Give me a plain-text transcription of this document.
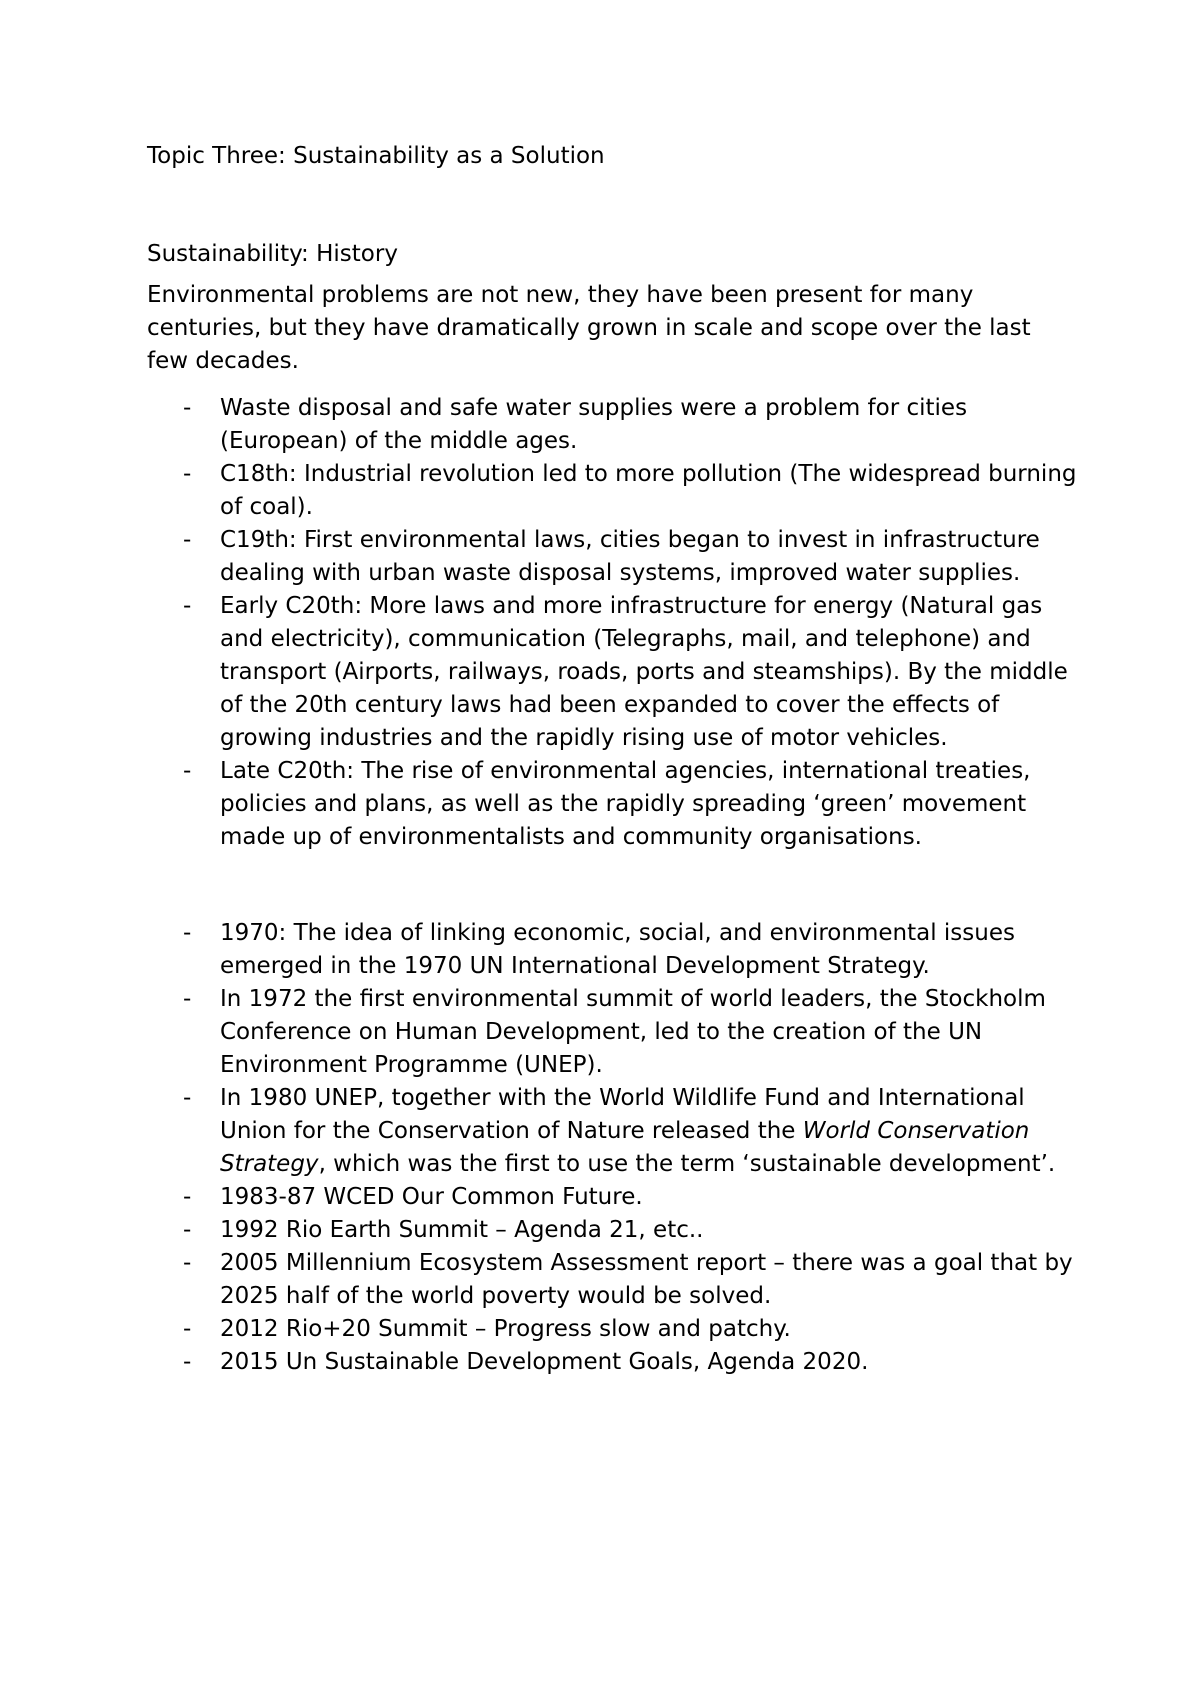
Topic Three: Sustainability as a Solution
Sustainability: History

Environmental problems are not new, they have been present for many centuries, but they have dramatically grown in scale and scope over the last few decades.

- Waste disposal and safe water supplies were a problem for cities (European) of the middle ages.
- C18th: Industrial revolution led to more pollution (The widespread burning of coal).
- C19th: First environmental laws, cities began to invest in infrastructure dealing with urban waste disposal systems, improved water supplies.
- Early C20th: More laws and more infrastructure for energy (Natural gas and electricity), communication (Telegraphs, mail, and telephone) and transport (Airports, railways, roads, ports and steamships). By the middle of the 20th century laws had been expanded to cover the effects of growing industries and the rapidly rising use of motor vehicles.
- Late C20th: The rise of environmental agencies, international treaties, policies and plans, as well as the rapidly spreading ‘green’ movement made up of environmentalists and community organisations.
- 1970: The idea of linking economic, social, and environmental issues emerged in the 1970 UN International Development Strategy.
- In 1972 the first environmental summit of world leaders, the Stockholm Conference on Human Development, led to the creation of the UN Environment Programme (UNEP).
- In 1980 UNEP, together with the World Wildlife Fund and International Union for the Conservation of Nature released the World Conservation Strategy, which was the first to use the term ‘sustainable development’.
- 1983-87 WCED Our Common Future.
- 1992 Rio Earth Summit – Agenda 21, etc..
- 2005 Millennium Ecosystem Assessment report – there was a goal that by 2025 half of the world poverty would be solved.
- 2012 Rio+20 Summit – Progress slow and patchy.
- 2015 Un Sustainable Development Goals, Agenda 2020.
